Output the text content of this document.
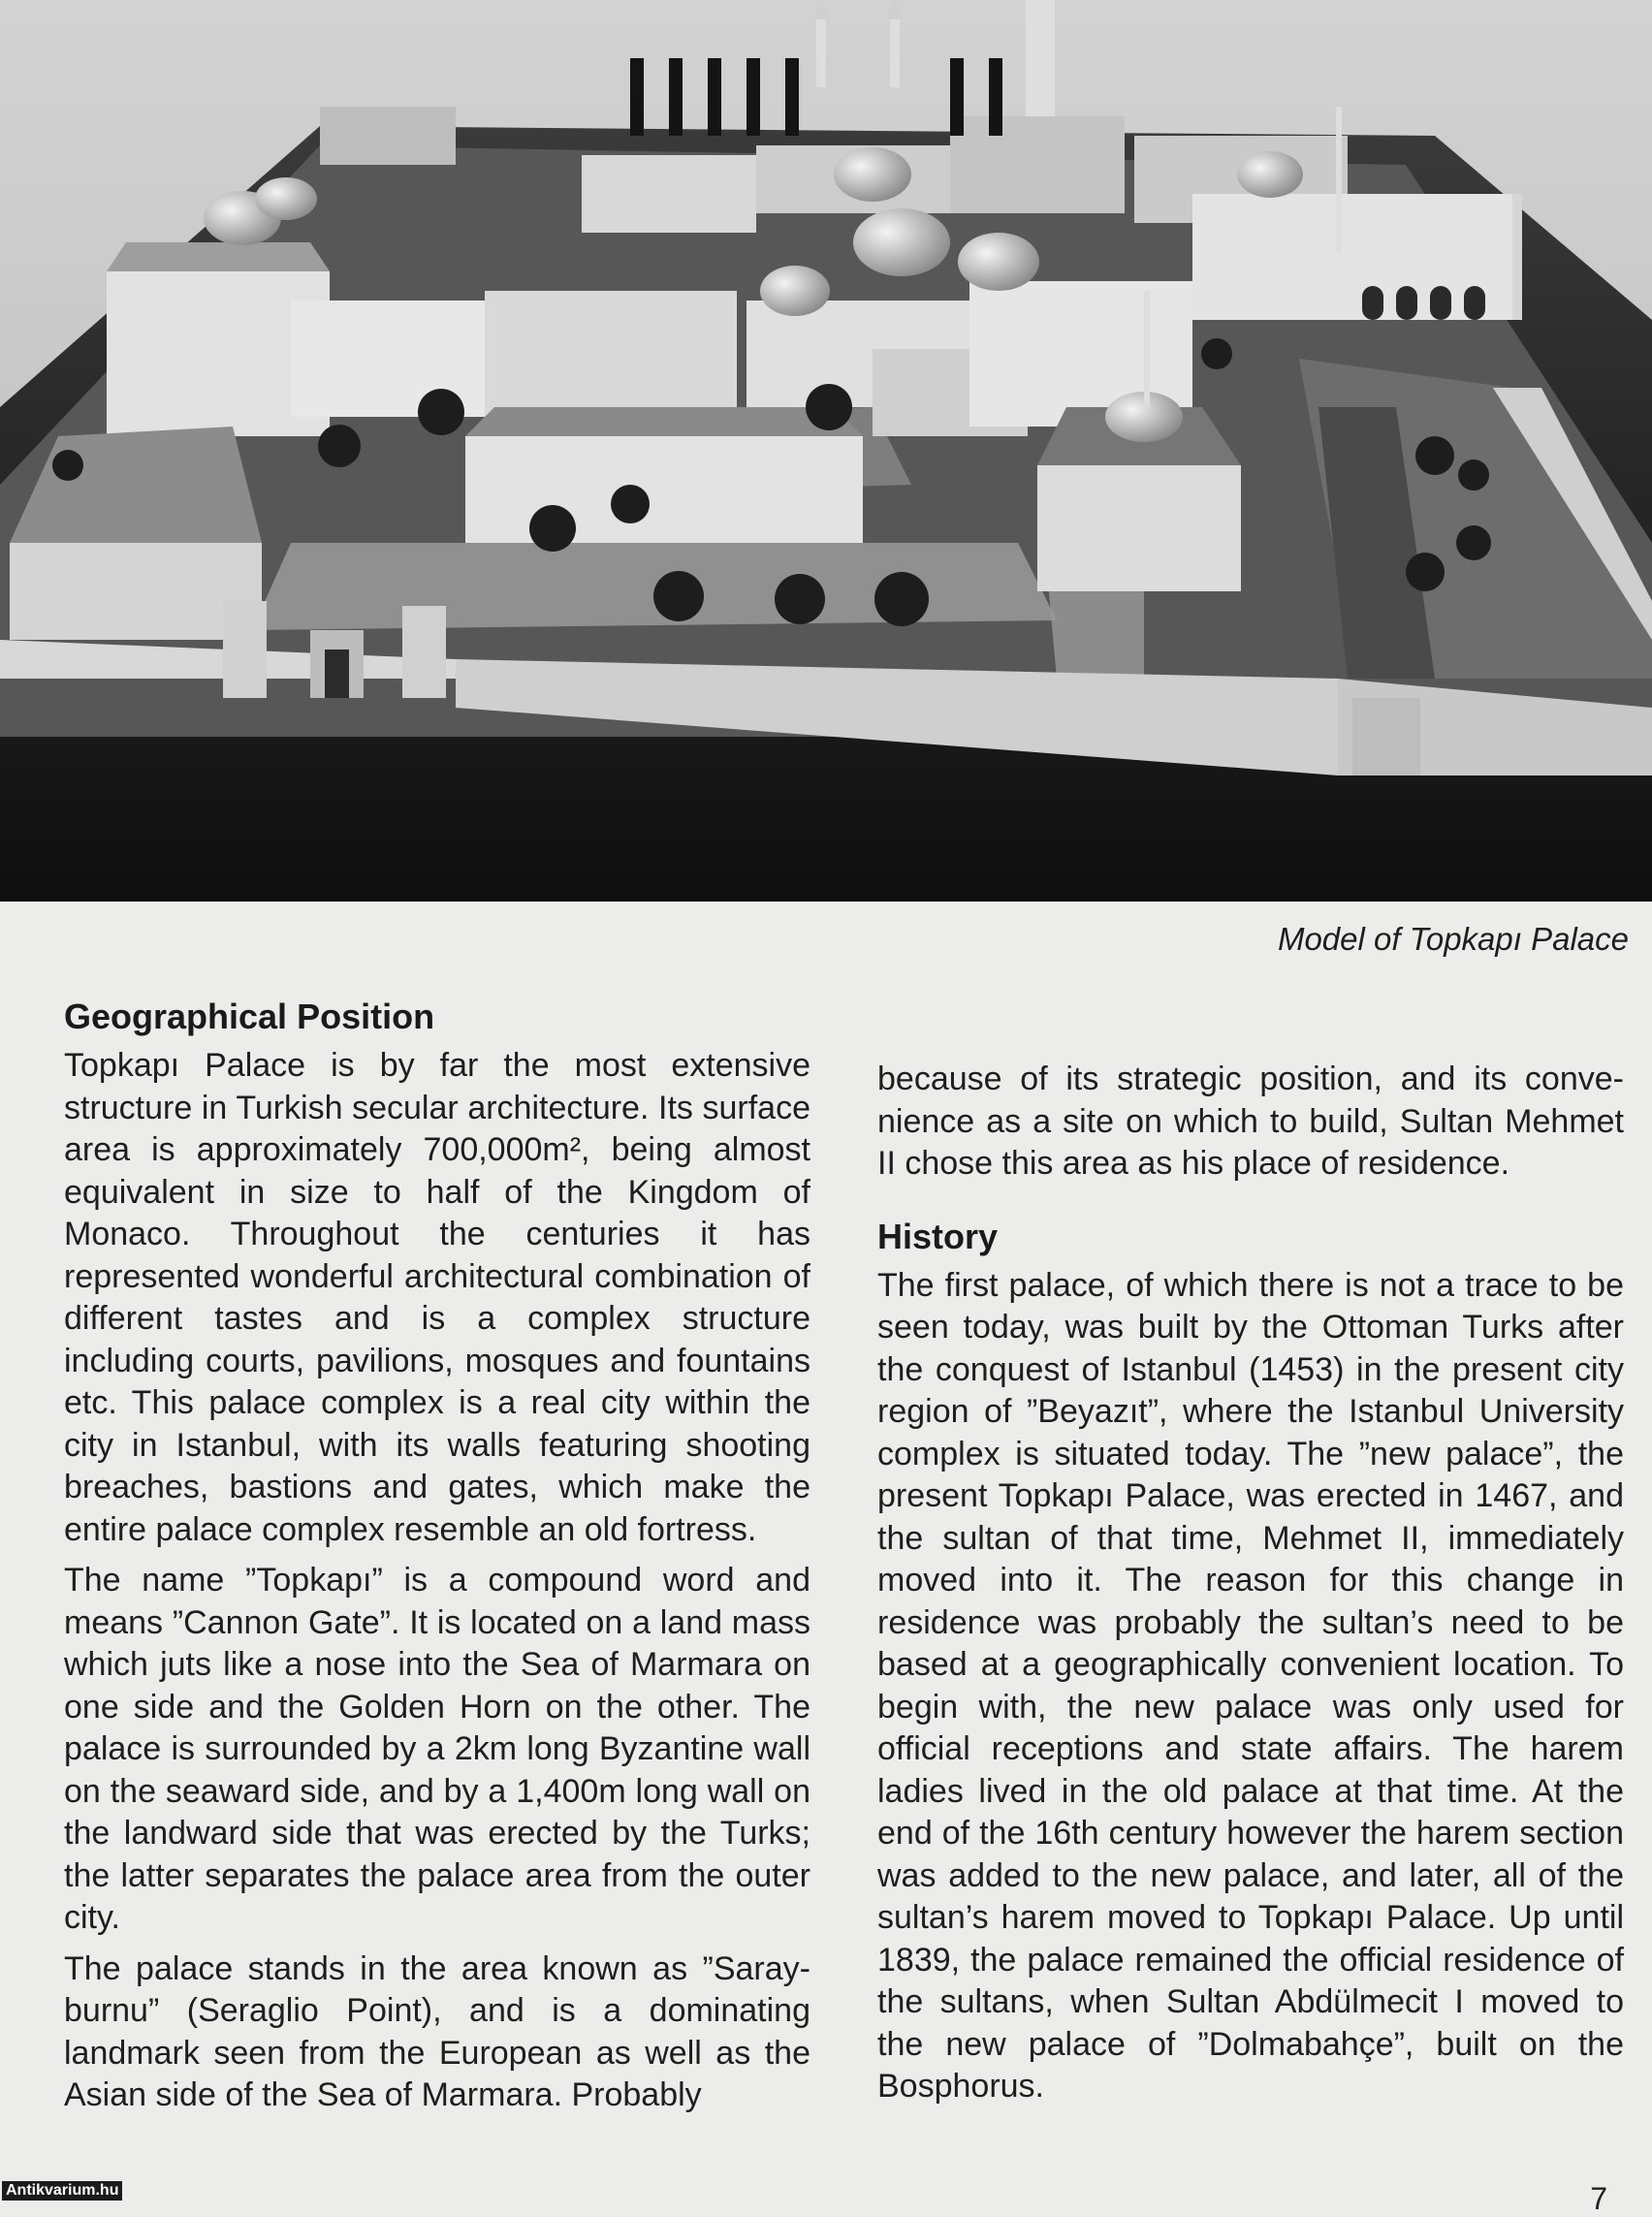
Model of Topkapı Palace
Geographical Position

Topkapı Palace is by far the most extensive structure in Turkish secular architecture. Its surface area is approximately 700,000m², being almost equivalent in size to half of the Kingdom of Monaco. Throughout the centuries it has represented wonderful architectural combination of different tastes and is a complex structure including courts, pavilions, mosques and fountains etc. This palace complex is a real city within the city in Istanbul, with its walls featuring shooting breaches, bastions and gates, which make the entire palace complex resemble an old fortress.

The name ”Topkapı” is a compound word and means ”Cannon Gate”. It is located on a land mass which juts like a nose into the Sea of Marmara on one side and the Golden Horn on the other. The palace is surrounded by a 2km long Byzantine wall on the seaward side, and by a 1,400m long wall on the landward side that was erected by the Turks; the latter separates the palace area from the outer city.

The palace stands in the area known as ”Sarayburnu” (Seraglio Point), and is a dominating landmark seen from the European as well as the Asian side of the Sea of Marmara. Probably

because of its strategic position, and its convenience as a site on which to build, Sultan Mehmet II chose this area as his place of residence.

History

The first palace, of which there is not a trace to be seen today, was built by the Ottoman Turks after the conquest of Istanbul (1453) in the present city region of ”Beyazıt”, where the Istanbul University complex is situated today. The ”new palace”, the present Topkapı Palace, was erected in 1467, and the sultan of that time, Mehmet II, immediately moved into it. The reason for this change in residence was probably the sultan’s need to be based at a geographically convenient location. To begin with, the new palace was only used for official receptions and state affairs. The harem ladies lived in the old palace at that time. At the end of the 16th century however the harem section was added to the new palace, and later, all of the sultan’s harem moved to Topkapı Palace. Up until 1839, the palace remained the official residence of the sultans, when Sultan Abdülmecit I moved to the new palace of ”Dolmabahçe”, built on the Bosphorus.

Antikvarium.hu	7
